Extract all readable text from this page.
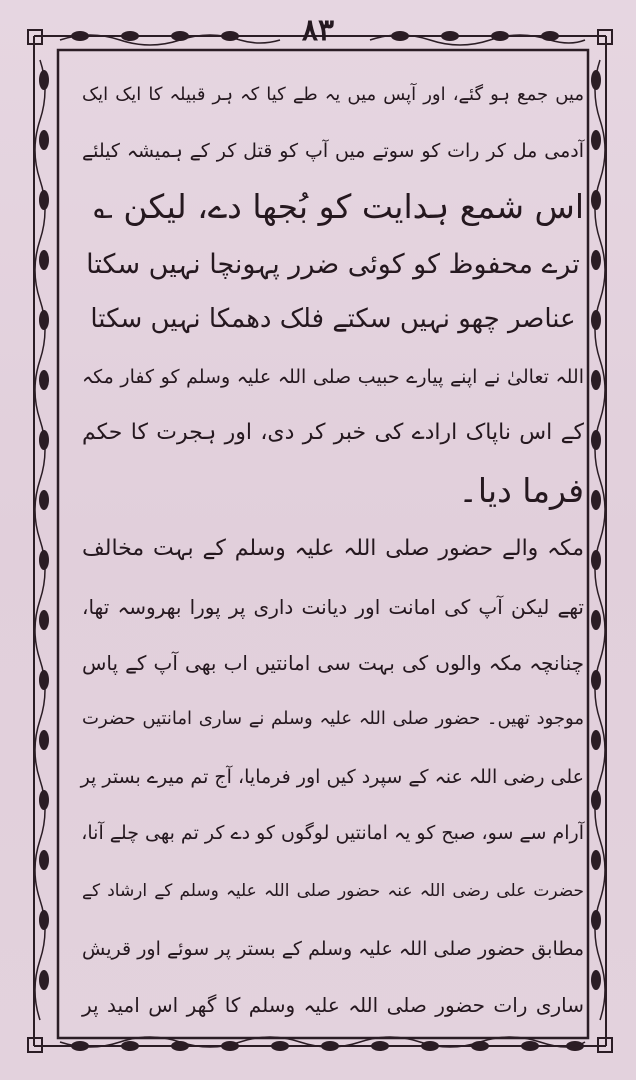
۸۳
میں جمع ہو گئے، اور آپس میں یہ طے کیا کہ ہر قبیلہ کا ایک ایک
آدمی مل کر رات کو سوتے میں آپ کو قتل کر کے ہمیشہ کیلئے
اس شمع ہدایت کو بُجھا دے، لیکن ؎
ترے محفوظ کو کوئی ضرر پہونچا نہیں سکتا
عناصر چھو نہیں سکتے فلک دھمکا نہیں سکتا
اللہ تعالیٰ نے اپنے پیارے حبیب صلی اللہ علیہ وسلم کو کفار مکہ
کے اس ناپاک ارادے کی خبر کر دی، اور ہجرت کا حکم
فرما دیا۔
مکہ والے حضور صلی اللہ علیہ وسلم کے بہت مخالف
تھے لیکن آپ کی امانت اور دیانت داری پر پورا بھروسہ تھا،
چنانچہ مکہ والوں کی بہت سی امانتیں اب بھی آپ کے پاس
موجود تھیں۔ حضور صلی اللہ علیہ وسلم نے ساری امانتیں حضرت
علی رضی اللہ عنہ کے سپرد کیں اور فرمایا، آج تم میرے بستر پر
آرام سے سو، صبح کو یہ امانتیں لوگوں کو دے کر تم بھی چلے آنا،
حضرت علی رضی اللہ عنہ حضور صلی اللہ علیہ وسلم کے ارشاد کے
مطابق حضور صلی اللہ علیہ وسلم کے بستر پر سوئے اور قریش
ساری رات حضور صلی اللہ علیہ وسلم کا گھر اس امید پر
